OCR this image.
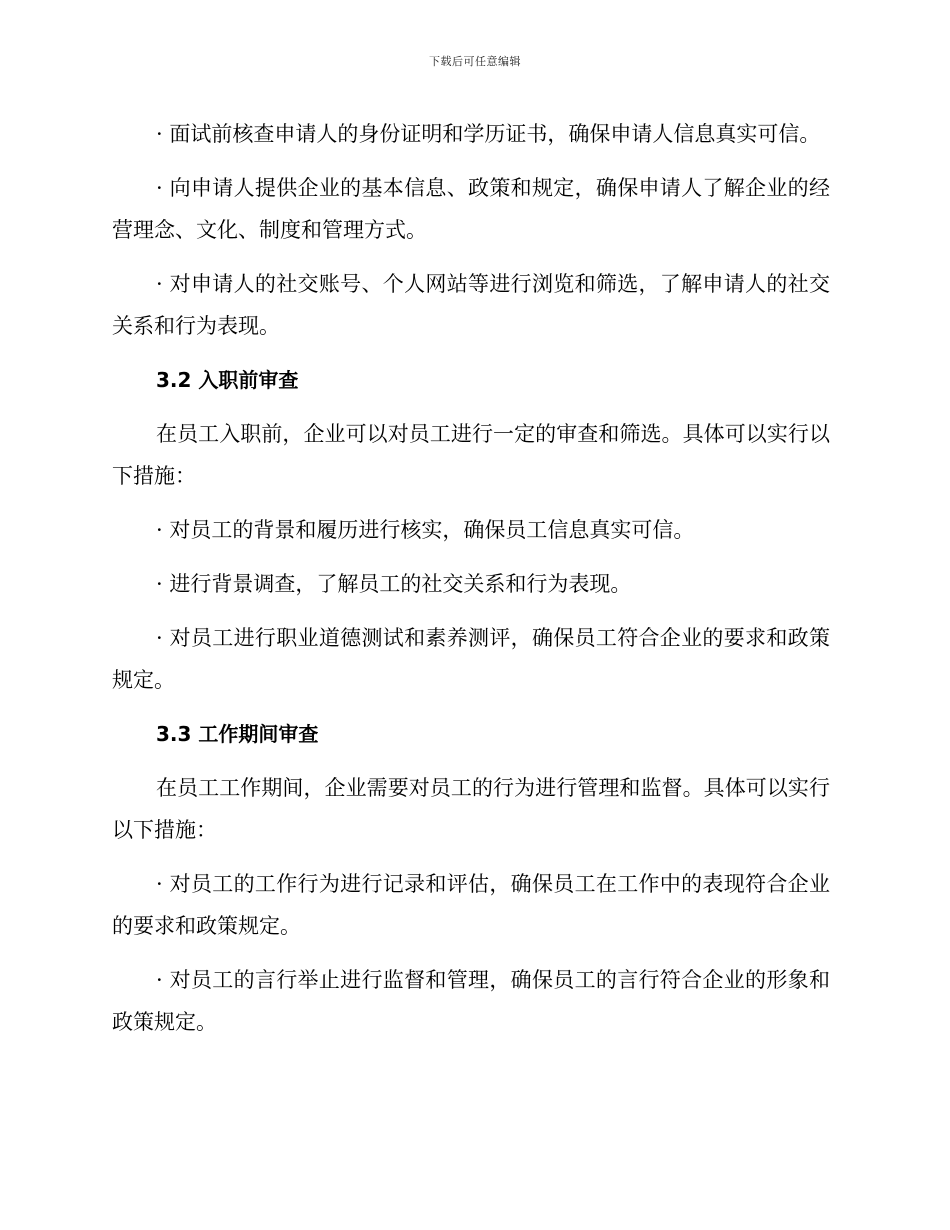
下载后可任意编辑

· 面试前核查申请人的身份证明和学历证书，确保申请人信息真实可信。

· 向申请人提供企业的基本信息、政策和规定，确保申请人了解企业的经营理念、文化、制度和管理方式。

· 对申请人的社交账号、个人网站等进行浏览和筛选，了解申请人的社交关系和行为表现。

3.2 入职前审查

在员工入职前，企业可以对员工进行一定的审查和筛选。具体可以实行以下措施：

· 对员工的背景和履历进行核实，确保员工信息真实可信。

· 进行背景调查，了解员工的社交关系和行为表现。

· 对员工进行职业道德测试和素养测评，确保员工符合企业的要求和政策规定。

3.3 工作期间审查

在员工工作期间，企业需要对员工的行为进行管理和监督。具体可以实行以下措施：

· 对员工的工作行为进行记录和评估，确保员工在工作中的表现符合企业的要求和政策规定。

· 对员工的言行举止进行监督和管理，确保员工的言行符合企业的形象和政策规定。
